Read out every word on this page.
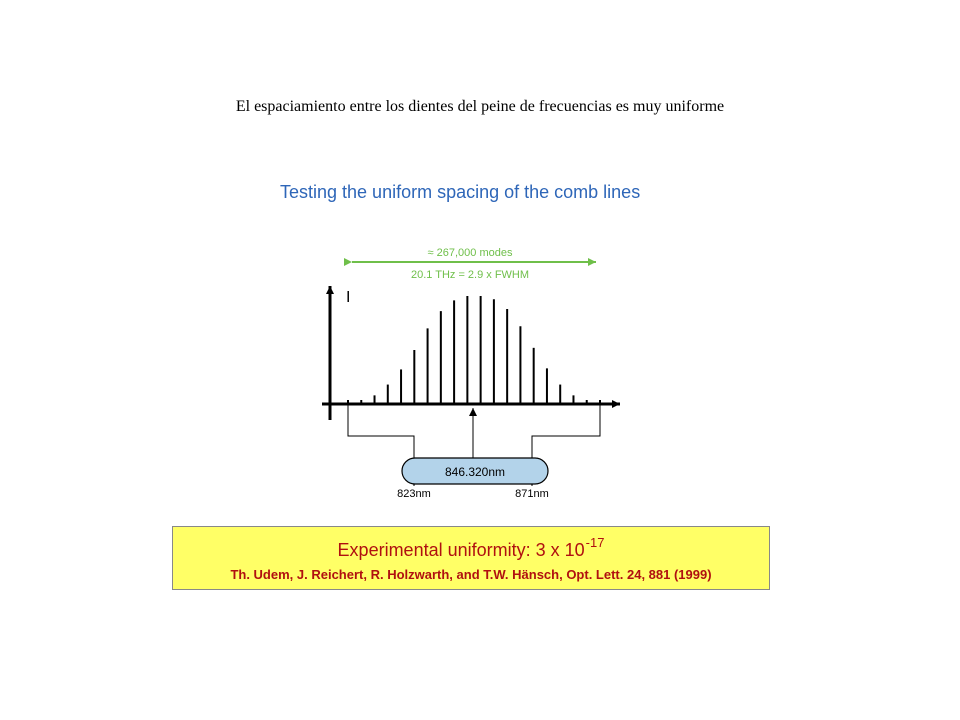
El espaciamiento entre los dientes del peine de frecuencias es muy uniforme
Testing the uniform spacing of the comb lines
≈ 267,000 modes
20.1 THz = 2.9 x FWHM
I
846.320nm
823nm	871nm
Experimental uniformity: 3 x $10^{-17}$
Th. Udem, J. Reichert, R. Holzwarth, and T.W. Hänsch, Opt. Lett. 24, 881 (1999)
